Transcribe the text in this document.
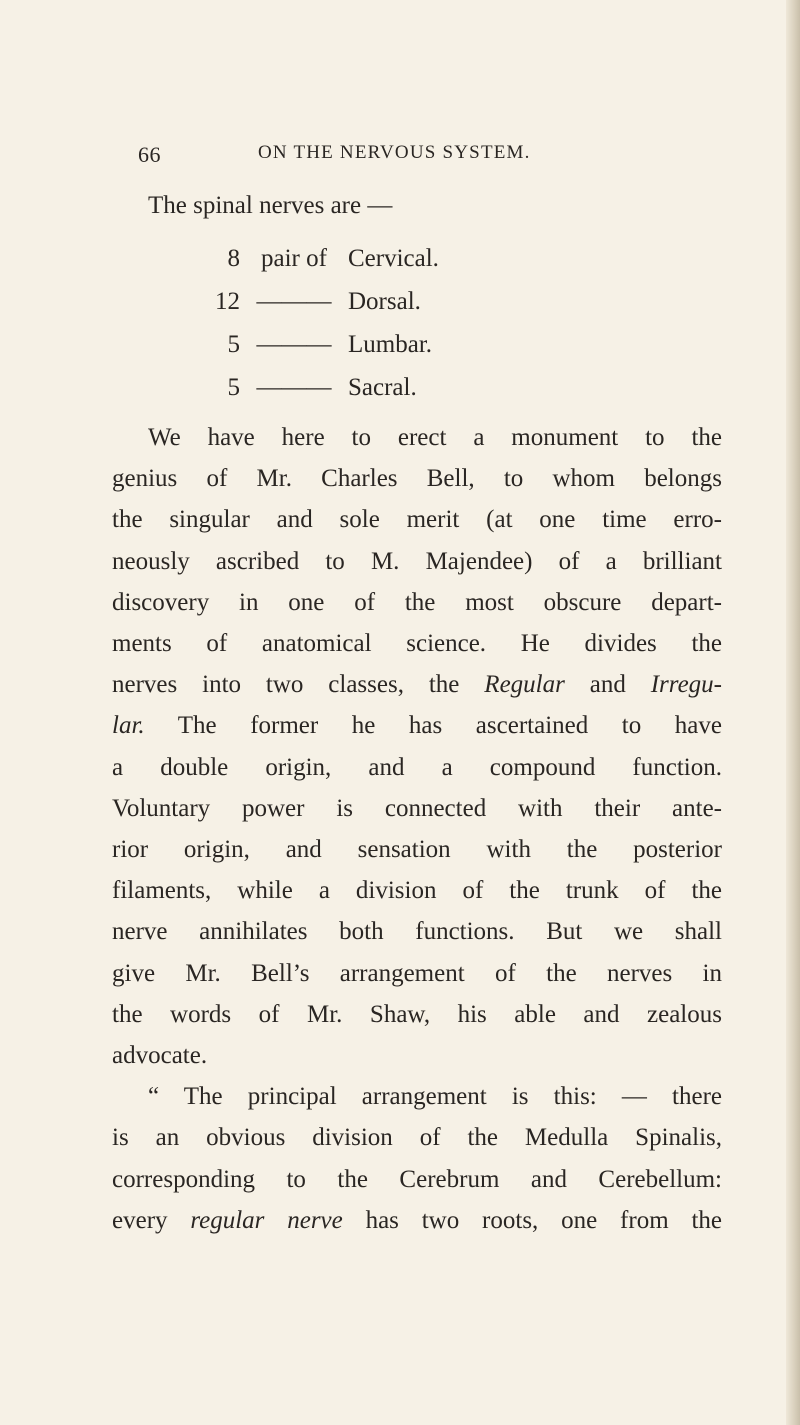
66	ON THE NERVOUS SYSTEM.
The spinal nerves are —
8 pair of Cervical.
12 ——— Dorsal.
5 ——— Lumbar.
5 ——— Sacral.
We have here to erect a monument to the
genius of Mr. Charles Bell, to whom belongs
the singular and sole merit (at one time erro-
neously ascribed to M. Majendee) of a brilliant
discovery in one of the most obscure depart-
ments of anatomical science. He divides the
nerves into two classes, the Regular and Irregu-
lar. The former he has ascertained to have
a double origin, and a compound function.
Voluntary power is connected with their ante-
rior origin, and sensation with the posterior
filaments, while a division of the trunk of the
nerve annihilates both functions. But we shall
give Mr. Bell’s arrangement of the nerves in
the words of Mr. Shaw, his able and zealous
advocate.
“ The principal arrangement is this: — there
is an obvious division of the Medulla Spinalis,
corresponding to the Cerebrum and Cerebellum:
every regular nerve has two roots, one from the
